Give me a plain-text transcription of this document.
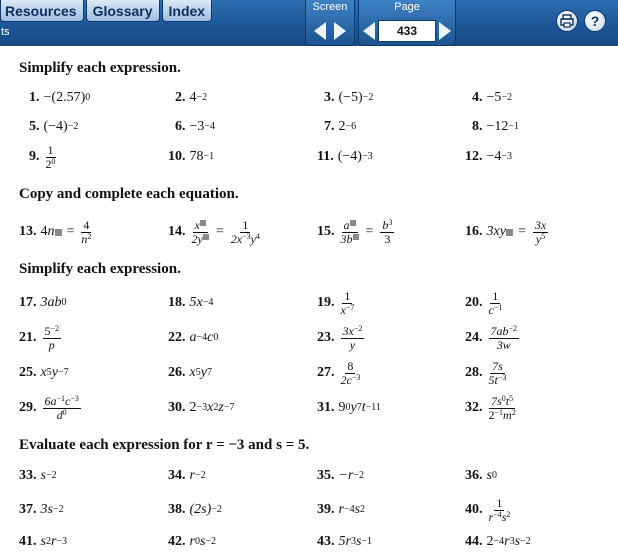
Resources	Glossary	Index
ts
Screen	Page
433
?
Simplify each expression.
1. − (2.57) 0	2. 4 −2	3. (−5) −2	4. − 5 −2
5. (−4) −2	6. − 3 −4	7. 2 −6	8. −12 −1
9. $\frac{1}{2^0}$	10. 78 −1	11. (−4) −3	12. − 4 −3
Copy and complete each equation.
13. 4 $n = \frac{4}{n^2}$	14. $\frac{x}{2y} = \frac{1}{2x^{-3}y^4}$	15. $\frac{a}{3b} = \frac{b^3}{3}$	16. $3xy = \frac{3x}{y^5}$
Simplify each expression.
17. 3ab 0	18. 5x −4	19. $\frac{1}{x^{-7}}$	20. $\frac{1}{c^{-1}}$
21. $\frac{5^{-2}}{p}$	22. a −4 c 0	23. $\frac{3x^{-2}}{y}$	24. $\frac{7ab^{-2}}{3w}$
25. x 5 y −7	26. x 5 y 7	27. $\frac{8}{2c^{-3}}$	28. $\frac{7s}{5t^{-3}}$
29. $\frac{6a^{-1}c^{-3}}{d^0}$	30. 2 −3 x 2 z −7	31. 9 0 y 7 t −11	32. $\frac{7s^0t^5}{2^{-1}m^2}$
Evaluate each expression for r = −3 and s = 5.
33. s −2	34. r −2	35. −r −2	36. s 0
37. 3s −2	38. (2s) −2	39. r −4 s 2	40. $\frac{1}{r^{-4}s^2}$
41. s 2 r −3	42. r 0 s −2	43. 5r 3 s −1	44. 2 −4 r 3 s −2
